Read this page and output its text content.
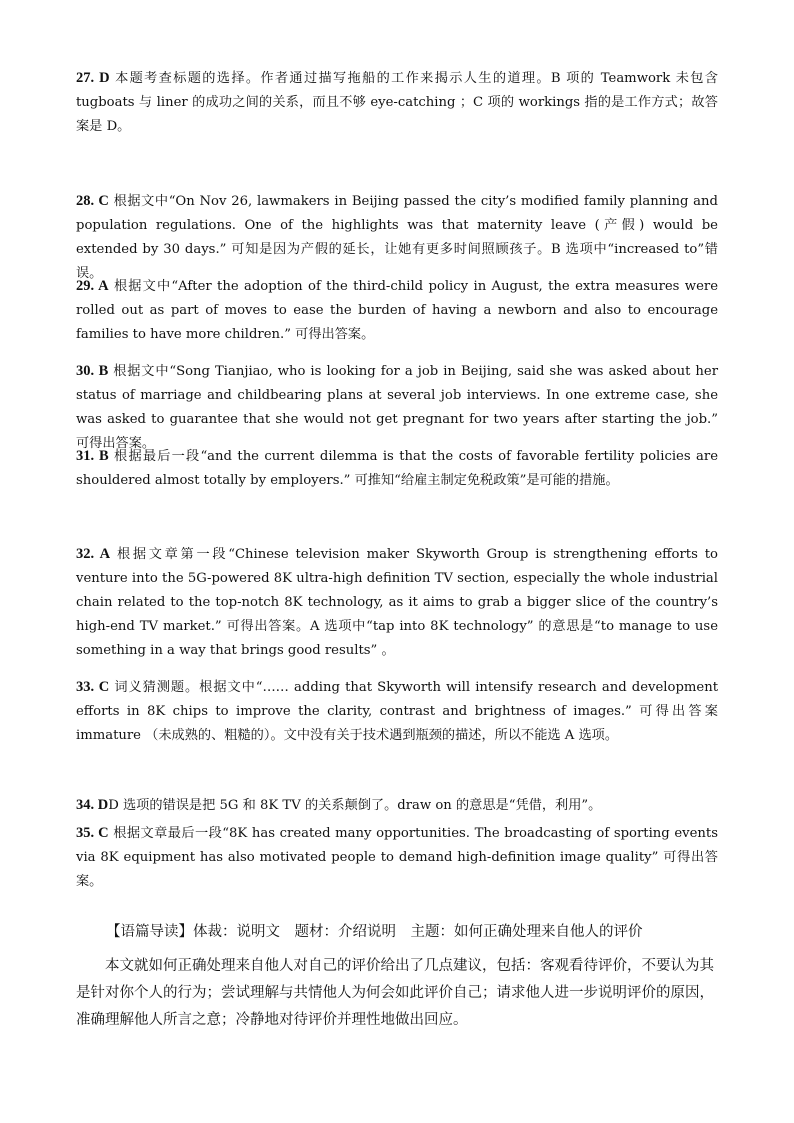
27. D 本题考查标题的选择。作者通过描写拖船的工作来揭示人生的道理。B 项的 Teamwork 未包含 tugboats 与 liner 的成功之间的关系，而且不够 eye-catching ；C 项的 workings 指的是工作方式；故答案是 D。

28. C 根据文中“On Nov 26, lawmakers in Beijing passed the city’s modified family planning and population regulations. One of the highlights was that maternity leave (产假) would be extended by 30 days.” 可知是因为产假的延长，让她有更多时间照顾孩子。B 选项中“increased to”错误。

29. A 根据文中“After the adoption of the third-child policy in August, the extra measures were rolled out as part of moves to ease the burden of having a newborn and also to encourage families to have more children.” 可得出答案。

30. B 根据文中“Song Tianjiao, who is looking for a job in Beijing, said she was asked about her status of marriage and childbearing plans at several job interviews. In one extreme case, she was asked to guarantee that she would not get pregnant for two years after starting the job.” 可得出答案。

31. B 根据最后一段“and the current dilemma is that the costs of favorable fertility policies are shouldered almost totally by employers.” 可推知“给雇主制定免税政策”是可能的措施。

32. A 根据文章第一段“Chinese television maker Skyworth Group is strengthening efforts to venture into the 5G-powered 8K ultra-high definition TV section, especially the whole industrial chain related to the top-notch 8K technology, as it aims to grab a bigger slice of the country’s high-end TV market.” 可得出答案。A 选项中“tap into 8K technology” 的意思是“to manage to use something in a way that brings good results” 。

33. C 词义猜测题。根据文中“…… adding that Skyworth will intensify research and development efforts in 8K chips to improve the clarity, contrast and brightness of images.” 可得出答案 immature （未成熟的、粗糙的）。文中没有关于技术遇到瓶颈的描述，所以不能选 A 选项。

34. DD 选项的错误是把 5G 和 8K TV 的关系颠倒了。draw on 的意思是“凭借，利用”。

35. C 根据文章最后一段“8K has created many opportunities. The broadcasting of sporting events via 8K equipment has also motivated people to demand high-definition image quality” 可得出答案。

【语篇导读】体裁：说明文　题材：介绍说明　主题：如何正确处理来自他人的评价

本文就如何正确处理来自他人对自己的评价给出了几点建议，包括：客观看待评价，不要认为其是针对你个人的行为；尝试理解与共情他人为何会如此评价自己；请求他人进一步说明评价的原因，准确理解他人所言之意；冷静地对待评价并理性地做出回应。
